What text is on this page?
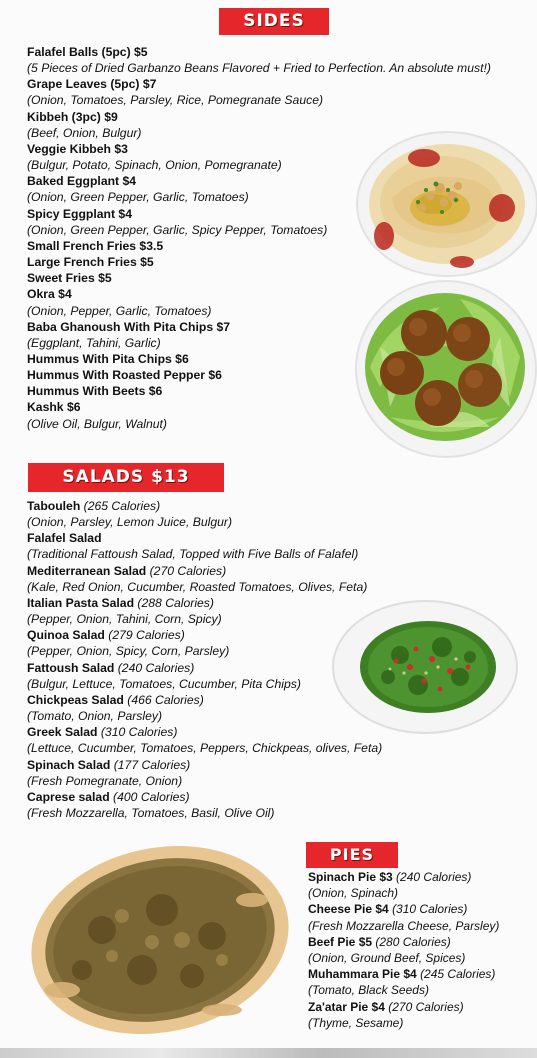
SIDES
Falafel Balls (5pc) $5
(5 Pieces of Dried Garbanzo Beans Flavored + Fried to Perfection. An absolute must!)
Grape Leaves (5pc) $7
(Onion, Tomatoes, Parsley, Rice, Pomegranate Sauce)
Kibbeh (3pc) $9
(Beef, Onion, Bulgur)
Veggie Kibbeh $3
(Bulgur, Potato, Spinach, Onion, Pomegranate)
Baked Eggplant $4
(Onion, Green Pepper, Garlic, Tomatoes)
Spicy Eggplant $4
(Onion, Green Pepper, Garlic, Spicy Pepper, Tomatoes)
Small French Fries $3.5
Large French Fries $5
Sweet Fries $5
Okra $4
(Onion, Pepper, Garlic, Tomatoes)
Baba Ghanoush With Pita Chips $7
(Eggplant, Tahini, Garlic)
Hummus With Pita Chips $6
Hummus With Roasted Pepper $6
Hummus With Beets $6
Kashk $6
(Olive Oil, Bulgur, Walnut)
SALADS $13
Tabouleh (265 Calories)
(Onion, Parsley, Lemon Juice, Bulgur)
Falafel Salad
(Traditional Fattoush Salad, Topped with Five Balls of Falafel)
Mediterranean Salad (270 Calories)
(Kale, Red Onion, Cucumber, Roasted Tomatoes, Olives, Feta)
Italian Pasta Salad (288 Calories)
(Pepper, Onion, Tahini, Corn, Spicy)
Quinoa Salad (279 Calories)
(Pepper, Onion, Spicy, Corn, Parsley)
Fattoush Salad (240 Calories)
(Bulgur, Lettuce, Tomatoes, Cucumber, Pita Chips)
Chickpeas Salad (466 Calories)
(Tomato, Onion, Parsley)
Greek Salad (310 Calories)
(Lettuce, Cucumber, Tomatoes, Peppers, Chickpeas, olives, Feta)
Spinach Salad (177 Calories)
(Fresh Pomegranate, Onion)
Caprese salad (400 Calories)
(Fresh Mozzarella, Tomatoes, Basil, Olive Oil)
PIES
Spinach Pie $3 (240 Calories)
(Onion, Spinach)
Cheese Pie $4 (310 Calories)
(Fresh Mozzarella Cheese, Parsley)
Beef Pie $5 (280 Calories)
(Onion, Ground Beef, Spices)
Muhammara Pie $4 (245 Calories)
(Tomato, Black Seeds)
Za'atar Pie $4 (270 Calories)
(Thyme, Sesame)
